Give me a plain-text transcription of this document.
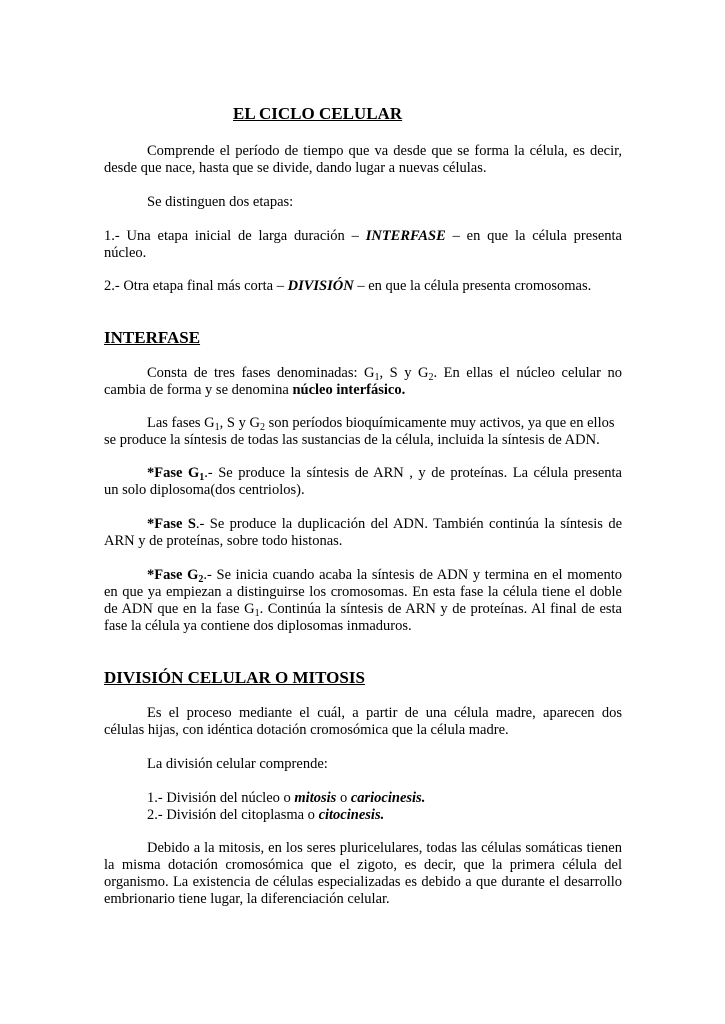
EL CICLO CELULAR
Comprende el período de tiempo que va desde que se forma la célula, es decir,
desde que nace, hasta que se divide, dando lugar a nuevas células.
Se distinguen dos etapas:
1.- Una etapa inicial de larga duración – INTERFASE – en que la célula presenta
núcleo.
2.- Otra etapa final más corta – DIVISIÓN – en que la célula presenta cromosomas.
INTERFASE
Consta de tres fases denominadas: $G_1$, S y $G_2$. En ellas el núcleo celular no
cambia de forma y se denomina núcleo interfásico.
Las fases $G_1$, S y $G_2$ son períodos bioquímicamente muy activos, ya que en ellos
se produce la síntesis de todas las sustancias de la célula, incluida la síntesis de ADN.
*Fase $G_1.-$ Se produce la síntesis de ARN , y de proteínas. La célula presenta
un solo diplosoma(dos centriolos).
*Fase S.- Se produce la duplicación del ADN. También continúa la síntesis de
ARN y de proteínas, sobre todo histonas.
*Fase $G_2.-$ Se inicia cuando acaba la síntesis de ADN y termina en el momento
en que ya empiezan a distinguirse los cromosomas. En esta fase la célula tiene el doble
de ADN que en la fase $G_1$. Continúa la síntesis de ARN y de proteínas. Al final de esta
fase la célula ya contiene dos diplosomas inmaduros.
DIVISIÓN CELULAR O MITOSIS
Es el proceso mediante el cuál, a partir de una célula madre, aparecen dos
células hijas, con idéntica dotación cromosómica que la célula madre.
La división celular comprende:
1.- División del núcleo o mitosis o cariocinesis.
2.- División del citoplasma o citocinesis.
Debido a la mitosis, en los seres pluricelulares, todas las células somáticas tienen
la misma dotación cromosómica que el zigoto, es decir, que la primera célula del
organismo. La existencia de células especializadas es debido a que durante el desarrollo
embrionario tiene lugar, la diferenciación celular.
